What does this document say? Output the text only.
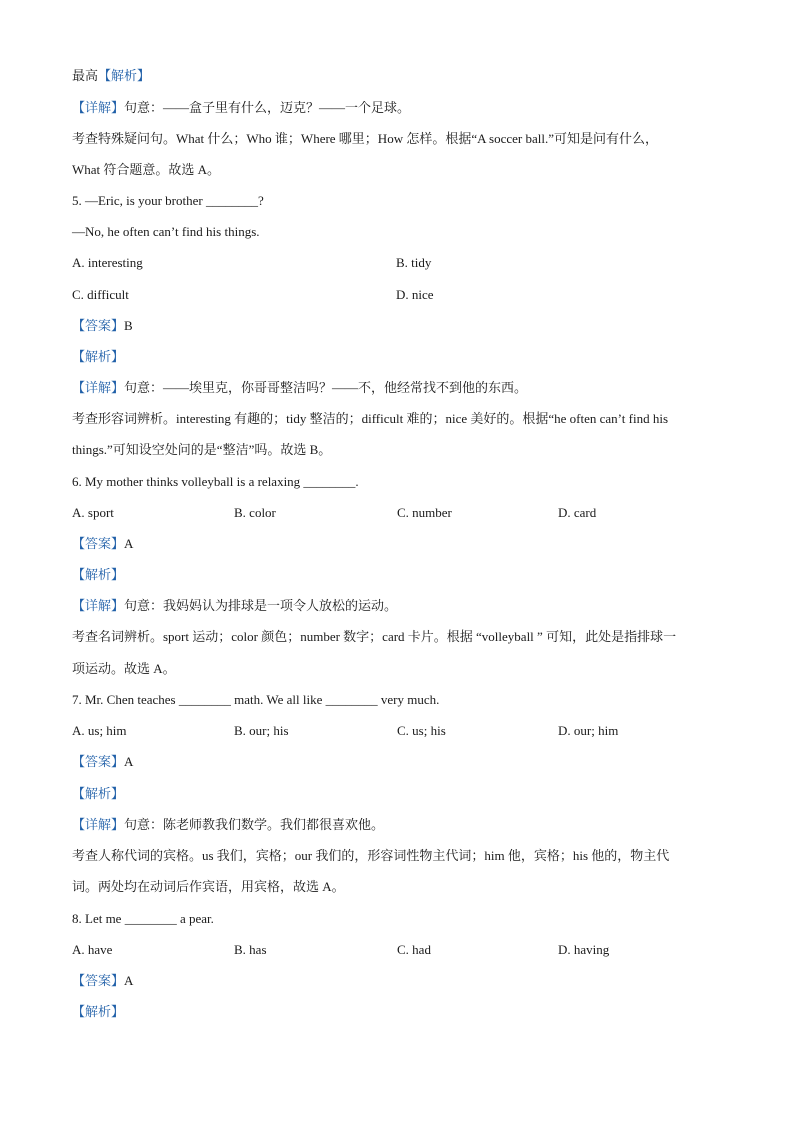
最高【解析】
【详解】句意：——盒子里有什么，迈克？——一个足球。
考查特殊疑问句。What 什么；Who 谁；Where 哪里；How 怎样。根据“A soccer ball.”可知是问有什么，
What 符合题意。故选 A。
5. —Eric, is your brother ________?
—No, he often can’t find his things.
A. interesting	B. tidy
C. difficult	D. nice
【答案】B
【解析】
【详解】句意：——埃里克，你哥哥整洁吗？——不，他经常找不到他的东西。
考查形容词辨析。interesting 有趣的；tidy 整洁的；difficult 难的；nice 美好的。根据“he often can’t find his
things.”可知设空处问的是“整洁”吗。故选 B。
6. My mother thinks volleyball is a relaxing ________.
A. sport	B. color	C. number	D. card
【答案】A
【解析】
【详解】句意：我妈妈认为排球是一项令人放松的运动。
考查名词辨析。sport 运动；color 颜色；number 数字；card 卡片。根据 “volleyball ” 可知，此处是指排球一
项运动。故选 A。
7. Mr. Chen teaches ________ math. We all like ________ very much.
A. us; him	B. our; his	C. us; his	D. our; him
【答案】A
【解析】
【详解】句意：陈老师教我们数学。我们都很喜欢他。
考查人称代词的宾格。us 我们，宾格；our 我们的，形容词性物主代词；him 他，宾格；his 他的，物主代
词。两处均在动词后作宾语，用宾格，故选 A。
8. Let me ________ a pear.
A. have	B. has	C. had	D. having
【答案】A
【解析】
